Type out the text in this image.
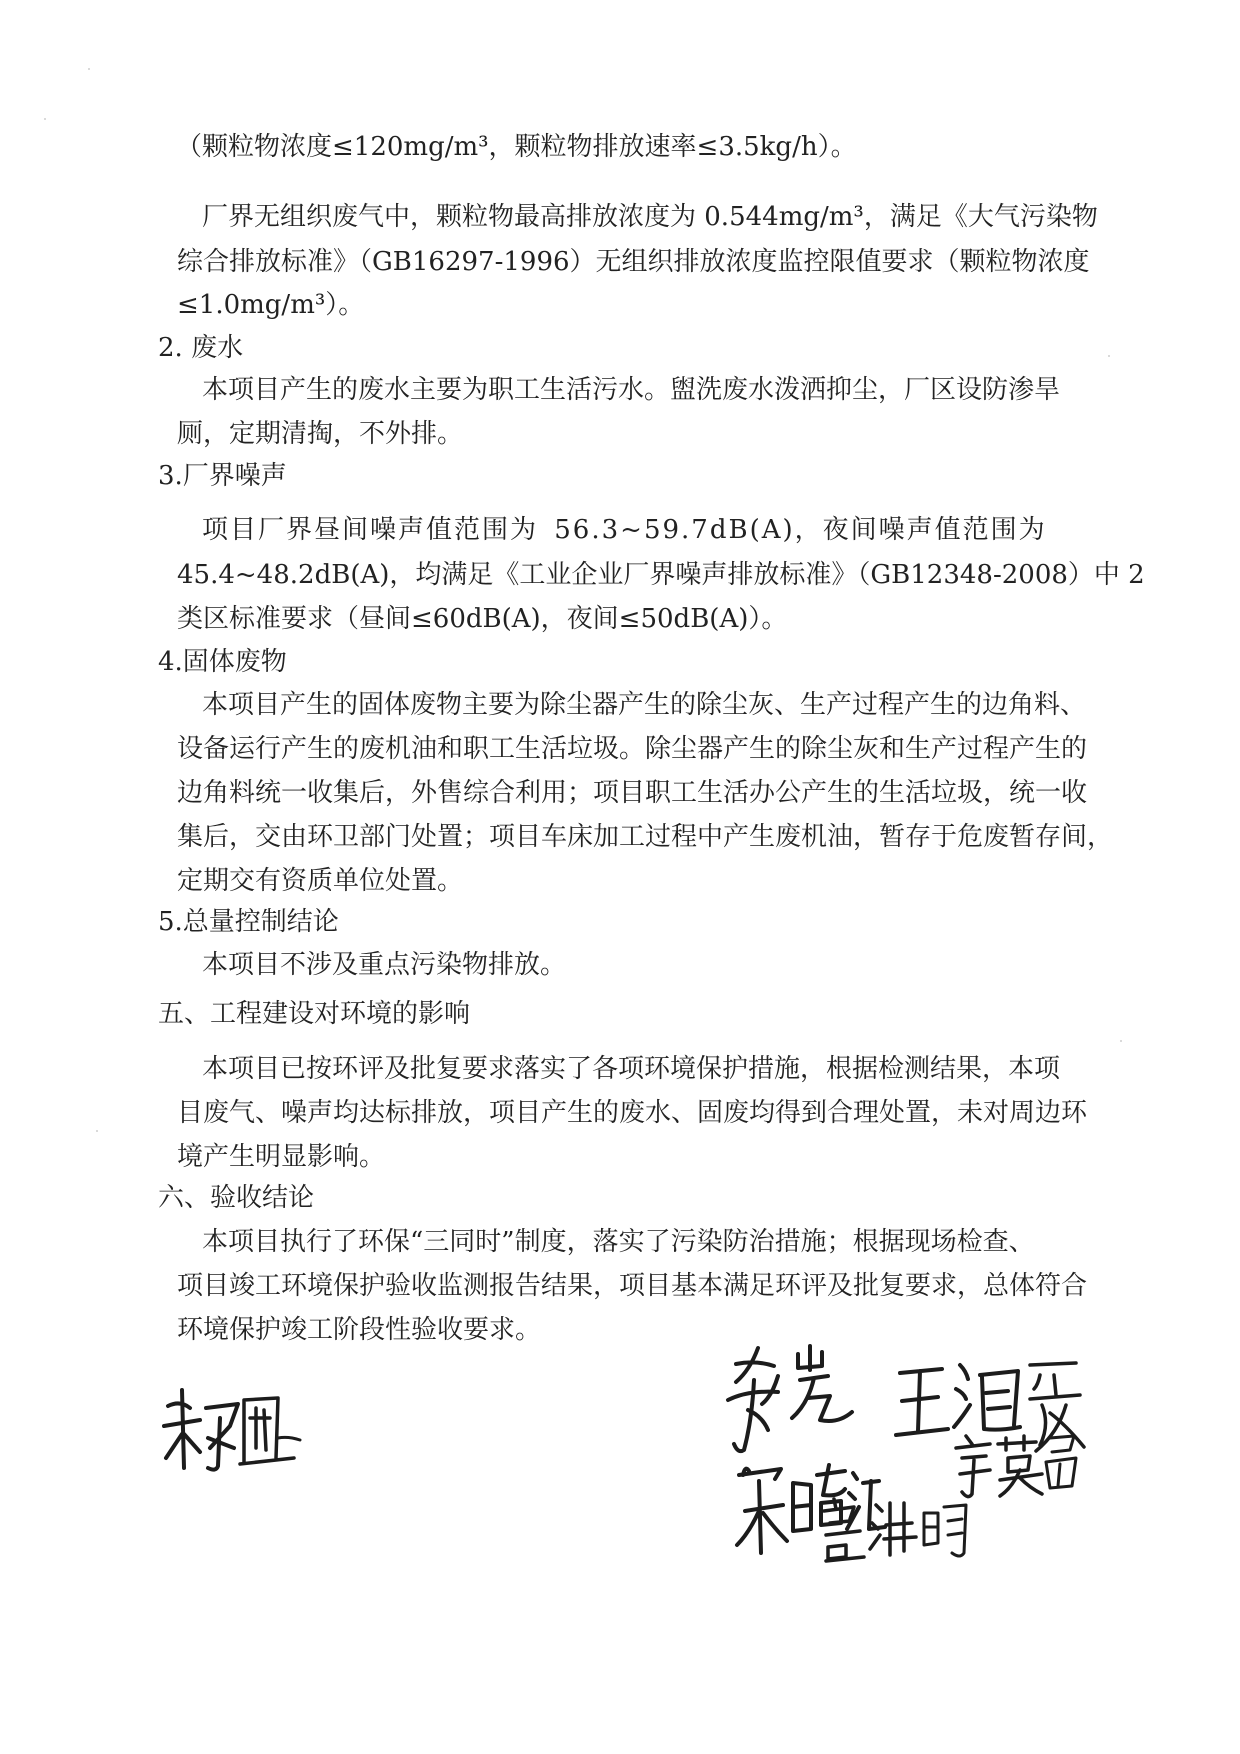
（颗粒物浓度≤120mg/m³，颗粒物排放速率≤3.5kg/h）。
厂界无组织废气中，颗粒物最高排放浓度为 0.544mg/m³，满足《大气污染物
综合排放标准》（GB16297-1996）无组织排放浓度监控限值要求（颗粒物浓度
≤1.0mg/m³）。
2. 废水
本项目产生的废水主要为职工生活污水。盥洗废水泼洒抑尘，厂区设防渗旱
厕，定期清掏，不外排。
3.厂界噪声
项目厂界昼间噪声值范围为 56.3~59.7dB(A)，夜间噪声值范围为
45.4~48.2dB(A)，均满足《工业企业厂界噪声排放标准》（GB12348-2008）中 2
类区标准要求（昼间≤60dB(A)，夜间≤50dB(A)）。
4.固体废物
本项目产生的固体废物主要为除尘器产生的除尘灰、生产过程产生的边角料、
设备运行产生的废机油和职工生活垃圾。除尘器产生的除尘灰和生产过程产生的
边角料统一收集后，外售综合利用；项目职工生活办公产生的生活垃圾，统一收
集后，交由环卫部门处置；项目车床加工过程中产生废机油，暂存于危废暂存间，
定期交有资质单位处置。
5.总量控制结论
本项目不涉及重点污染物排放。
五、工程建设对环境的影响
本项目已按环评及批复要求落实了各项环境保护措施，根据检测结果，本项
目废气、噪声均达标排放，项目产生的废水、固废均得到合理处置，未对周边环
境产生明显影响。
六、验收结论
本项目执行了环保“三同时”制度，落实了污染防治措施；根据现场检查、
项目竣工环境保护验收监测报告结果，项目基本满足环评及批复要求，总体符合
环境保护竣工阶段性验收要求。
